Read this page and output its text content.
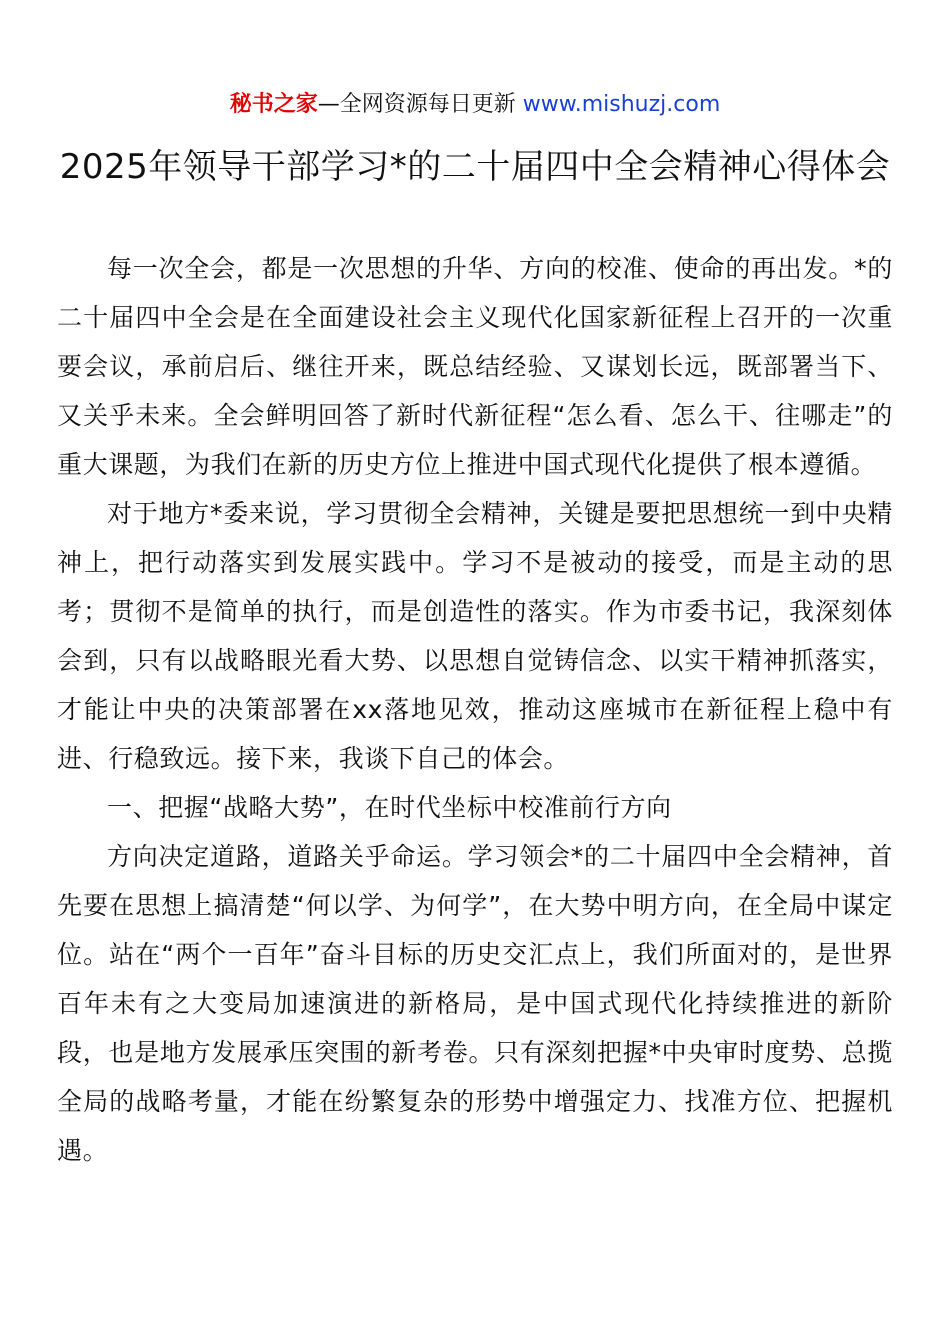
秘书之家—全网资源每日更新 www.mishuzj.com
2025年领导干部学习*的二十届四中全会精神心得体会

每一次全会，都是一次思想的升华、方向的校准、使命的再出发。*的二十届四中全会是在全面建设社会主义现代化国家新征程上召开的一次重要会议，承前启后、继往开来，既总结经验、又谋划长远，既部署当下、又关乎未来。全会鲜明回答了新时代新征程“怎么看、怎么干、往哪走”的重大课题，为我们在新的历史方位上推进中国式现代化提供了根本遵循。

对于地方*委来说，学习贯彻全会精神，关键是要把思想统一到中央精神上，把行动落实到发展实践中。学习不是被动的接受，而是主动的思考；贯彻不是简单的执行，而是创造性的落实。作为市委书记，我深刻体会到，只有以战略眼光看大势、以思想自觉铸信念、以实干精神抓落实，才能让中央的决策部署在xx落地见效，推动这座城市在新征程上稳中有进、行稳致远。接下来，我谈下自己的体会。

一、把握“战略大势”，在时代坐标中校准前行方向

方向决定道路，道路关乎命运。学习领会*的二十届四中全会精神，首先要在思想上搞清楚“何以学、为何学”，在大势中明方向，在全局中谋定位。站在“两个一百年”奋斗目标的历史交汇点上，我们所面对的，是世界百年未有之大变局加速演进的新格局，是中国式现代化持续推进的新阶段，也是地方发展承压突围的新考卷。只有深刻把握*中央审时度势、总揽全局的战略考量，才能在纷繁复杂的形势中增强定力、找准方位、把握机遇。
